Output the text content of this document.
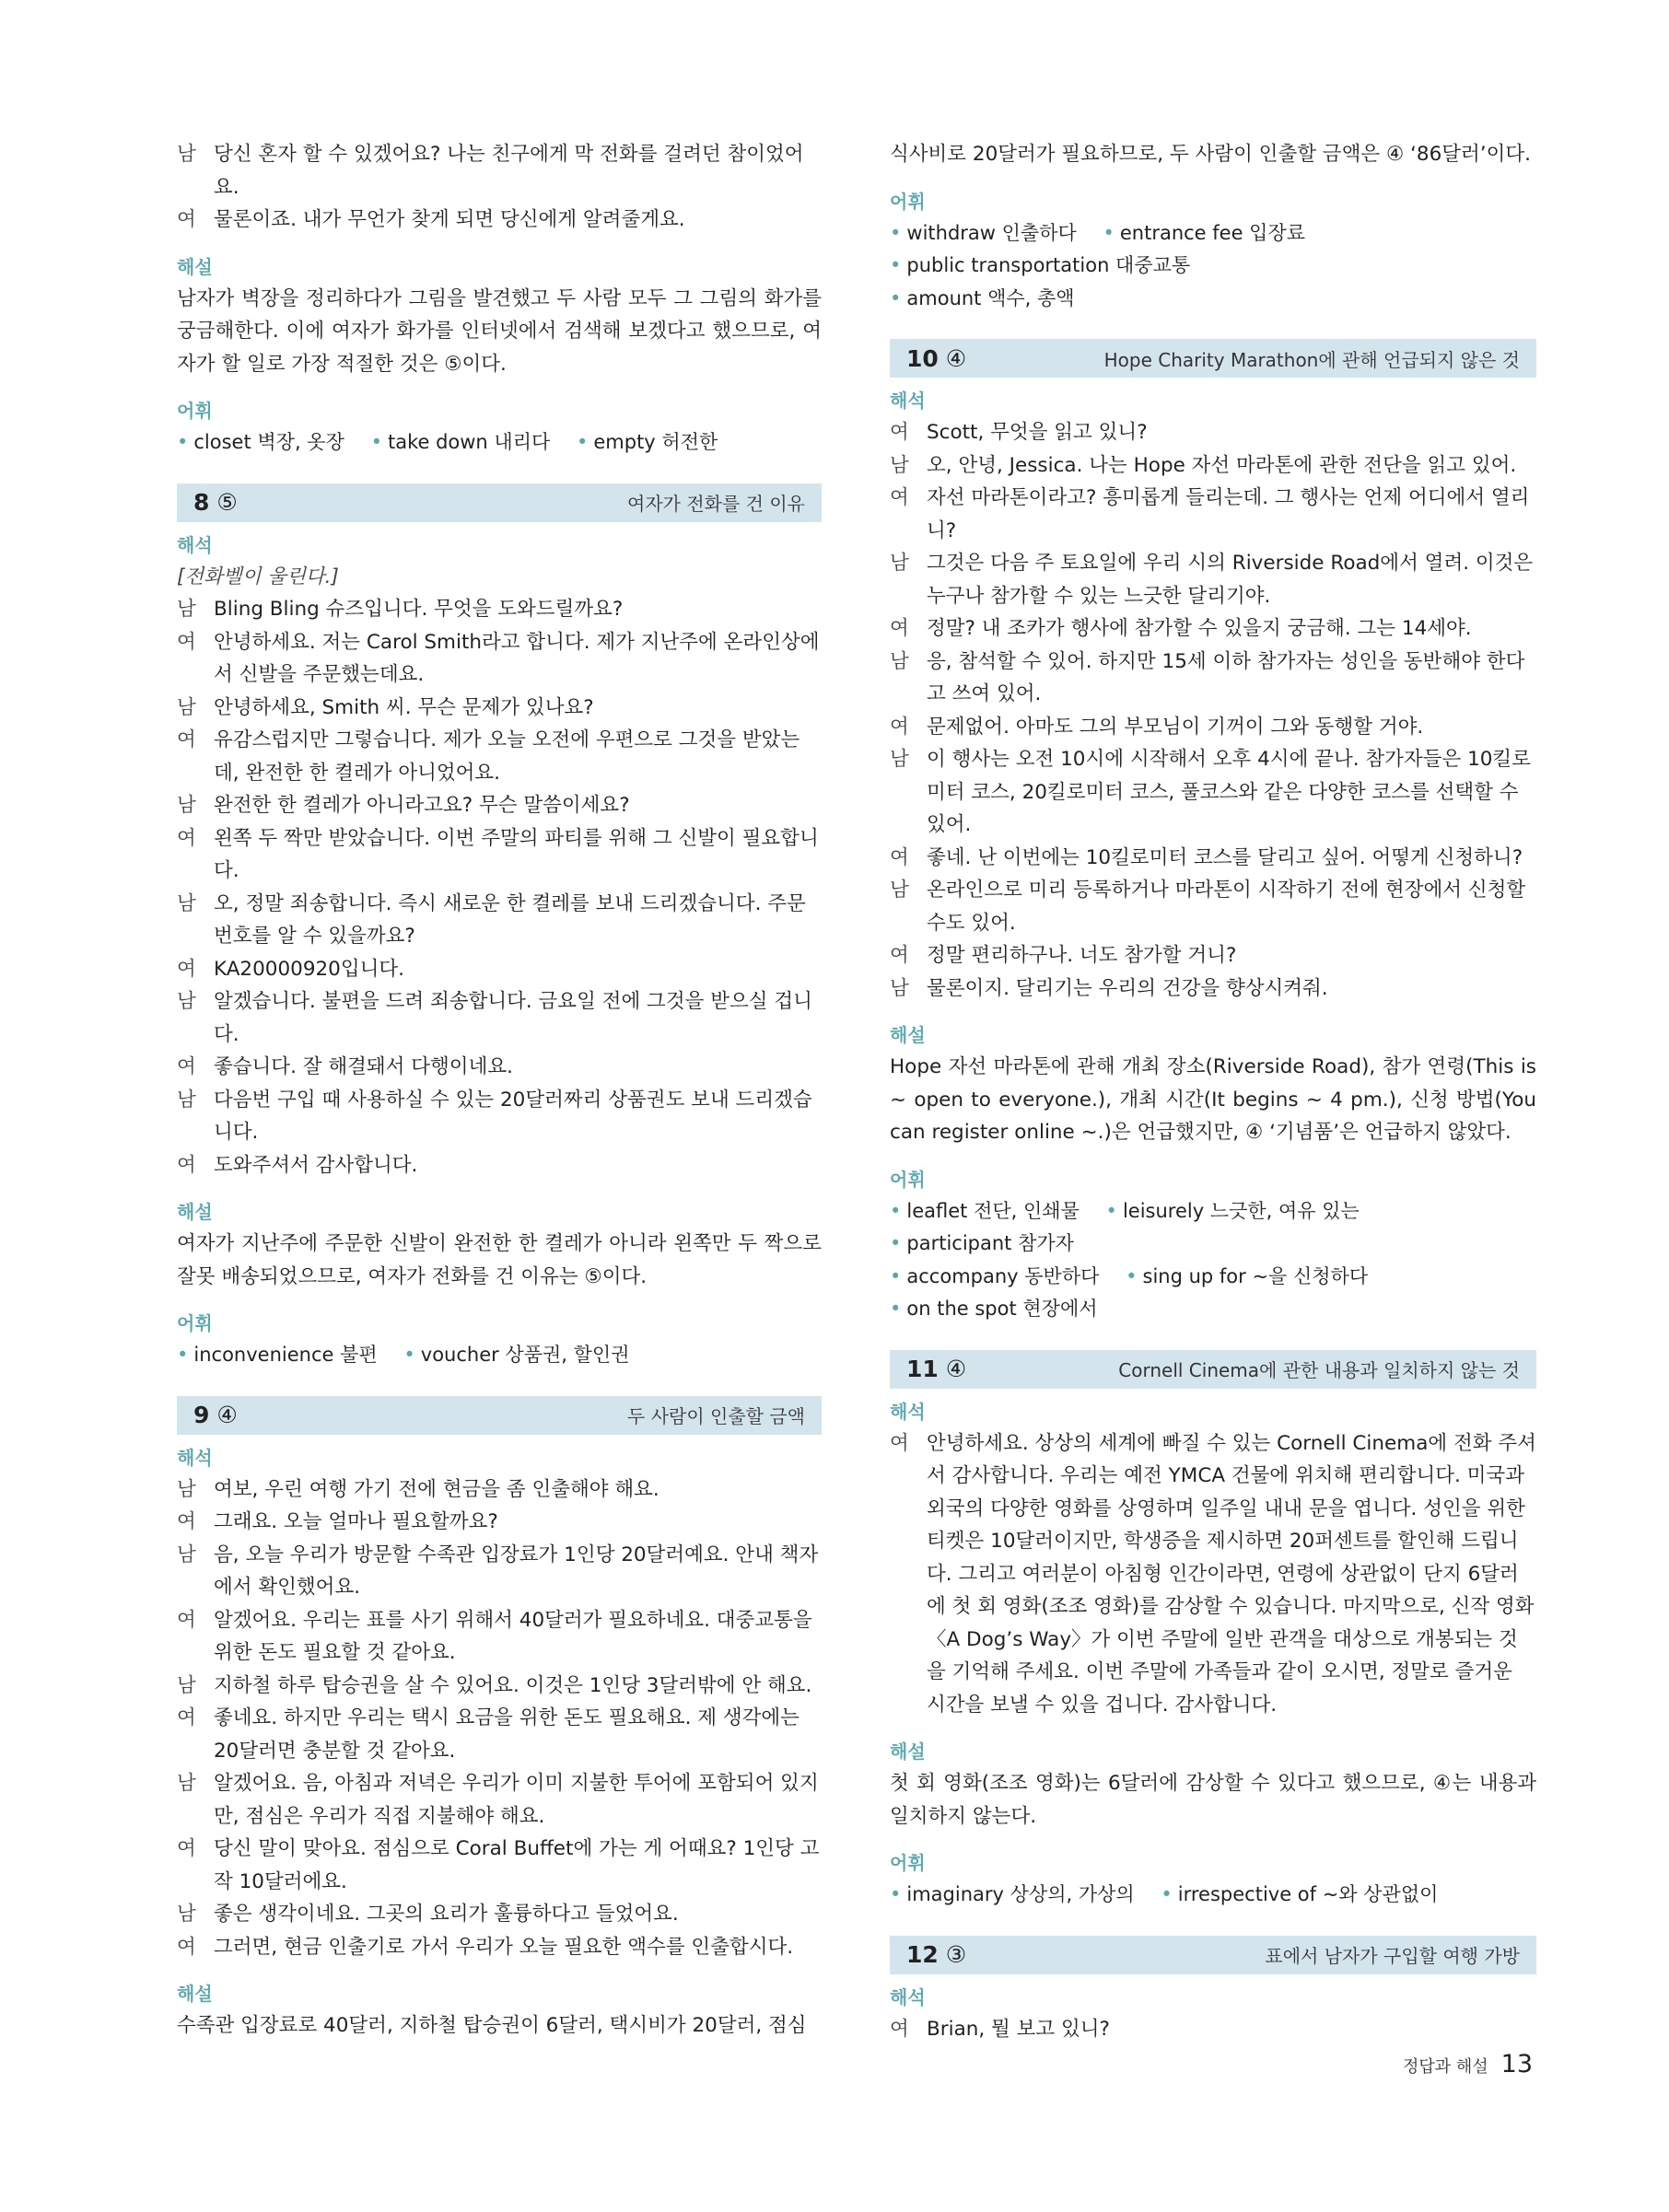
남 당신 혼자 할 수 있겠어요? 나는 친구에게 막 전화를 걸려던 참이었어요.
여 물론이죠. 내가 무언가 찾게 되면 당신에게 알려줄게요.
해설
남자가 벽장을 정리하다가 그림을 발견했고 두 사람 모두 그 그림의 화가를 궁금해한다. 이에 여자가 화가를 인터넷에서 검색해 보겠다고 했으므로, 여자가 할 일로 가장 적절한 것은 ⑤이다.
어휘
• closet 벽장, 옷장 • take down 내리다 • empty 허전한
8 ⑤	여자가 전화를 건 이유
해석
[전화벨이 울린다.]
남 Bling Bling 슈즈입니다. 무엇을 도와드릴까요?
여 안녕하세요. 저는 Carol Smith라고 합니다. 제가 지난주에 온라인상에서 신발을 주문했는데요.
남 안녕하세요, Smith 씨. 무슨 문제가 있나요?
여 유감스럽지만 그렇습니다. 제가 오늘 오전에 우편으로 그것을 받았는데, 완전한 한 켤레가 아니었어요.
남 완전한 한 켤레가 아니라고요? 무슨 말씀이세요?
여 왼쪽 두 짝만 받았습니다. 이번 주말의 파티를 위해 그 신발이 필요합니다.
남 오, 정말 죄송합니다. 즉시 새로운 한 켤레를 보내 드리겠습니다. 주문번호를 알 수 있을까요?
여 KA20000920입니다.
남 알겠습니다. 불편을 드려 죄송합니다. 금요일 전에 그것을 받으실 겁니다.
여 좋습니다. 잘 해결돼서 다행이네요.
남 다음번 구입 때 사용하실 수 있는 20달러짜리 상품권도 보내 드리겠습니다.
여 도와주셔서 감사합니다.
해설
여자가 지난주에 주문한 신발이 완전한 한 켤레가 아니라 왼쪽만 두 짝으로 잘못 배송되었으므로, 여자가 전화를 건 이유는 ⑤이다.
어휘
• inconvenience 불편 • voucher 상품권, 할인권
9 ④	두 사람이 인출할 금액
해석
남 여보, 우린 여행 가기 전에 현금을 좀 인출해야 해요.
여 그래요. 오늘 얼마나 필요할까요?
남 음, 오늘 우리가 방문할 수족관 입장료가 1인당 20달러예요. 안내 책자에서 확인했어요.
여 알겠어요. 우리는 표를 사기 위해서 40달러가 필요하네요. 대중교통을 위한 돈도 필요할 것 같아요.
남 지하철 하루 탑승권을 살 수 있어요. 이것은 1인당 3달러밖에 안 해요.
여 좋네요. 하지만 우리는 택시 요금을 위한 돈도 필요해요. 제 생각에는 20달러면 충분할 것 같아요.
남 알겠어요. 음, 아침과 저녁은 우리가 이미 지불한 투어에 포함되어 있지만, 점심은 우리가 직접 지불해야 해요.
여 당신 말이 맞아요. 점심으로 Coral Buffet에 가는 게 어때요? 1인당 고작 10달러에요.
남 좋은 생각이네요. 그곳의 요리가 훌륭하다고 들었어요.
여 그러면, 현금 인출기로 가서 우리가 오늘 필요한 액수를 인출합시다.
해설
수족관 입장료로 40달러, 지하철 탑승권이 6달러, 택시비가 20달러, 점심
식사비로 20달러가 필요하므로, 두 사람이 인출할 금액은 ④ ‘86달러’이다.
어휘
• withdraw 인출하다 • entrance fee 입장료 • public transportation 대중교통
• amount 액수, 총액
10 ④	Hope Charity Marathon에 관해 언급되지 않은 것
해석
여 Scott, 무엇을 읽고 있니?
남 오, 안녕, Jessica. 나는 Hope 자선 마라톤에 관한 전단을 읽고 있어.
여 자선 마라톤이라고? 흥미롭게 들리는데. 그 행사는 언제 어디에서 열리니?
남 그것은 다음 주 토요일에 우리 시의 Riverside Road에서 열려. 이것은 누구나 참가할 수 있는 느긋한 달리기야.
여 정말? 내 조카가 행사에 참가할 수 있을지 궁금해. 그는 14세야.
남 응, 참석할 수 있어. 하지만 15세 이하 참가자는 성인을 동반해야 한다고 쓰여 있어.
여 문제없어. 아마도 그의 부모님이 기꺼이 그와 동행할 거야.
남 이 행사는 오전 10시에 시작해서 오후 4시에 끝나. 참가자들은 10킬로미터 코스, 20킬로미터 코스, 풀코스와 같은 다양한 코스를 선택할 수 있어.
여 좋네. 난 이번에는 10킬로미터 코스를 달리고 싶어. 어떻게 신청하니?
남 온라인으로 미리 등록하거나 마라톤이 시작하기 전에 현장에서 신청할 수도 있어.
여 정말 편리하구나. 너도 참가할 거니?
남 물론이지. 달리기는 우리의 건강을 향상시켜줘.
해설
Hope 자선 마라톤에 관해 개최 장소(Riverside Road), 참가 연령(This is ~ open to everyone.), 개최 시간(It begins ~ 4 pm.), 신청 방법(You can register online ~.)은 언급했지만, ④ ‘기념품’은 언급하지 않았다.
어휘
• leaflet 전단, 인쇄물 • leisurely 느긋한, 여유 있는 • participant 참가자
• accompany 동반하다 • sing up for ~을 신청하다 • on the spot 현장에서
11 ④	Cornell Cinema에 관한 내용과 일치하지 않는 것
해석
여 안녕하세요. 상상의 세계에 빠질 수 있는 Cornell Cinema에 전화 주셔서 감사합니다. 우리는 예전 YMCA 건물에 위치해 편리합니다. 미국과 외국의 다양한 영화를 상영하며 일주일 내내 문을 엽니다. 성인을 위한 티켓은 10달러이지만, 학생증을 제시하면 20퍼센트를 할인해 드립니다. 그리고 여러분이 아침형 인간이라면, 연령에 상관없이 단지 6달러에 첫 회 영화(조조 영화)를 감상할 수 있습니다. 마지막으로, 신작 영화 〈A Dog’s Way〉가 이번 주말에 일반 관객을 대상으로 개봉되는 것을 기억해 주세요. 이번 주말에 가족들과 같이 오시면, 정말로 즐거운 시간을 보낼 수 있을 겁니다. 감사합니다.
해설
첫 회 영화(조조 영화)는 6달러에 감상할 수 있다고 했으므로, ④는 내용과 일치하지 않는다.
어휘
• imaginary 상상의, 가상의 • irrespective of ~와 상관없이
12 ③	표에서 남자가 구입할 여행 가방
해석
여 Brian, 뭘 보고 있니?
정답과 해설 13
